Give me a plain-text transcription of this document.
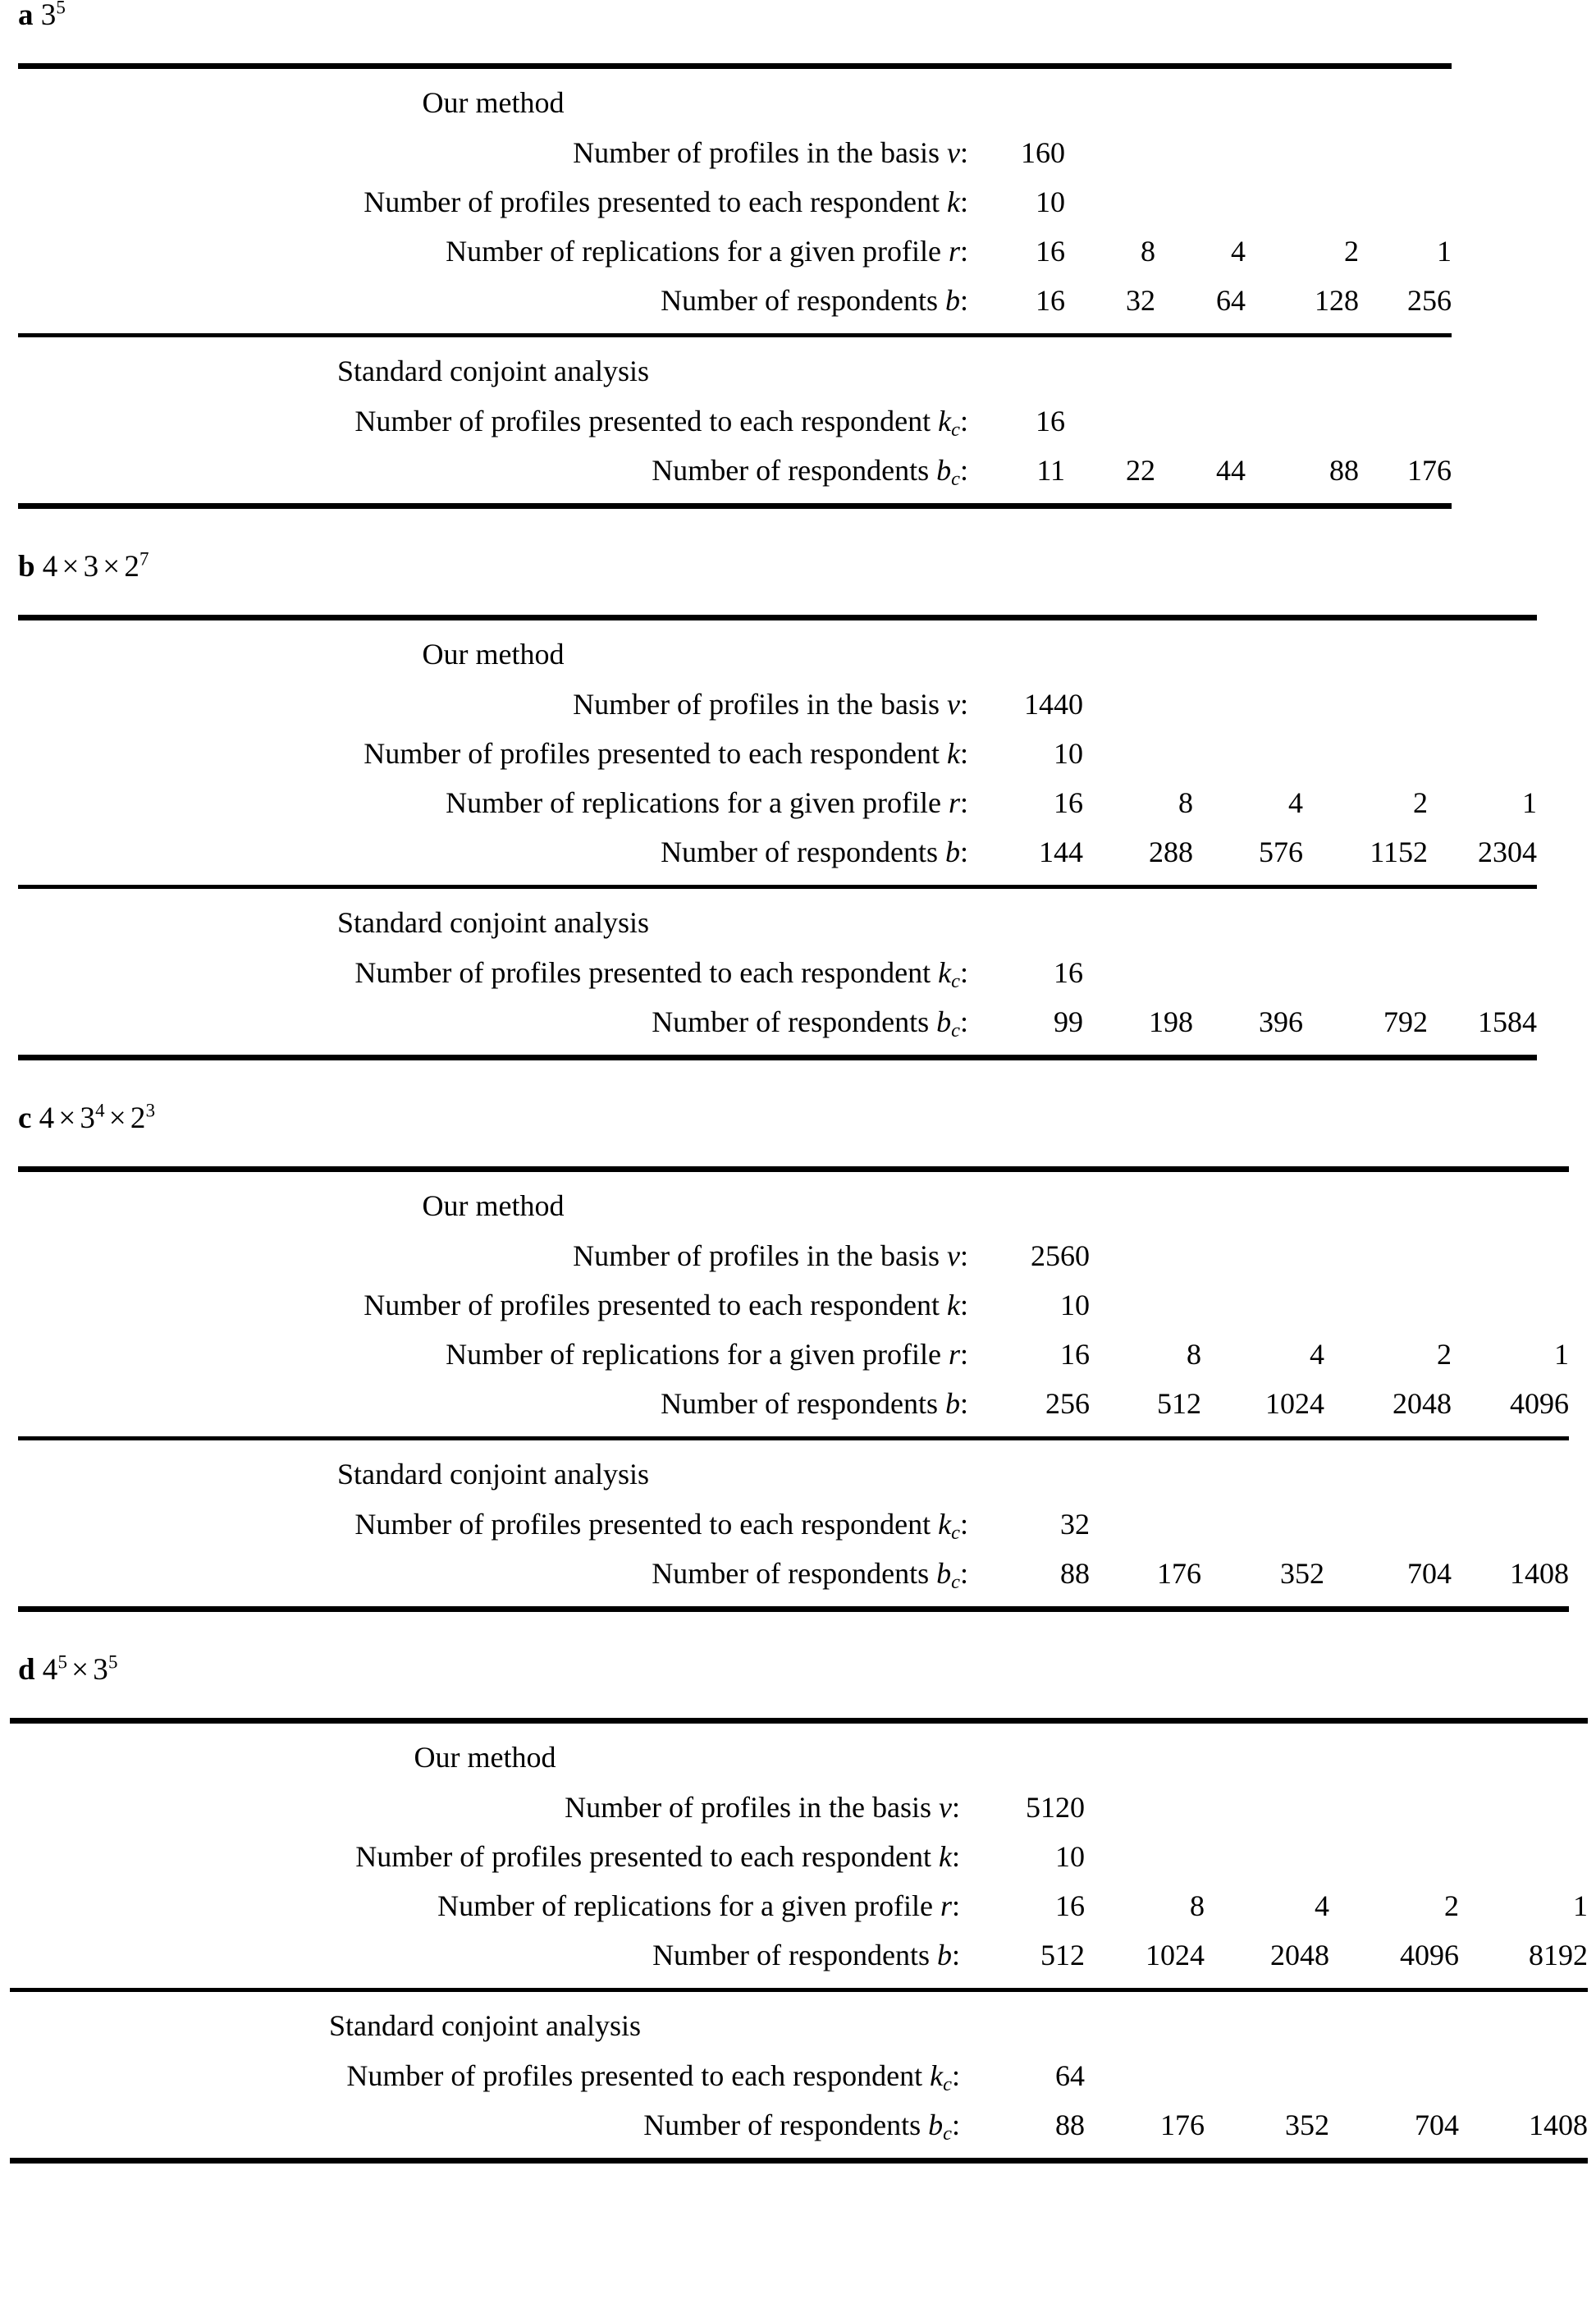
a $3^5$

Our method					
Number of profiles in the basis v:	160				
Number of profiles presented to each respondent k:	10				
Number of replications for a given profile r:	16	8	4	2	1
Number of respondents b:	16	32	64	128	256

Standard conjoint analysis					
Number of profiles presented to each respondent $k_c$:	16				
Number of respondents $b_c$:	11	22	44	88	176

b $4 \times 3 \times 2^7$

Our method					
Number of profiles in the basis v:	1440				
Number of profiles presented to each respondent k:	10				
Number of replications for a given profile r:	16	8	4	2	1
Number of respondents b:	144	288	576	1152	2304

Standard conjoint analysis					
Number of profiles presented to each respondent $k_c$:	16				
Number of respondents $b_c$:	99	198	396	792	1584

c $4 \times 3^4 \times 2^3$

Our method					
Number of profiles in the basis v:	2560				
Number of profiles presented to each respondent k:	10				
Number of replications for a given profile r:	16	8	4	2	1
Number of respondents b:	256	512	1024	2048	4096

Standard conjoint analysis					
Number of profiles presented to each respondent $k_c$:	32				
Number of respondents $b_c$:	88	176	352	704	1408

d $4^5 \times 3^5$

Our method					
Number of profiles in the basis v:	5120				
Number of profiles presented to each respondent k:	10				
Number of replications for a given profile r:	16	8	4	2	1
Number of respondents b:	512	1024	2048	4096	8192

Standard conjoint analysis					
Number of profiles presented to each respondent $k_c$:	64				
Number of respondents $b_c$:	88	176	352	704	1408
